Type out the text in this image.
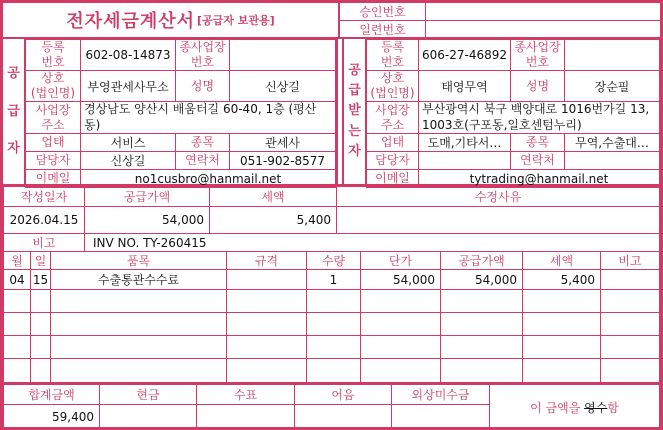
전자세금계산서 [공급자 보관용]
승인번호
일련번호
공
급
자
등록
번호	602-08-14873	종사업장
번호	
상호
(법인명)	부영관세사무소	성명	신상길
사업장
주소	경상남도 양산시 배움터길 60-40, 1층 (평산동)		
업태	서비스	종목	관세사
담당자	신상길	연락처	051-902-8577
이메일	no1cusbro@hanmail.net		
공
급
받
는
자
등록
번호	606-27-46892	종사업장
번호	
상호
(법인명)	태영무역	성명	장순필
사업장
주소	부산광역시 북구 백양대로 1016번가길 13, 1003호(구포동,일호센텀누리)		
업태	도매,기타서…	종목	무역,수출대…
담당자		연락처	
이메일	tytrading@hanmail.net		
작성일자	공급가액	세액	수정사유
2026.04.15	54,000	5,400	
비고	INV NO. TY-260415		
월	일	품목	규격	수량	단가	공급가액	세액	비고
04	15	수출통관수수료		1	54,000	54,000	5,400	

합계금액	현금	수표	어음	외상미수금	이 금액을 영수함
59,400					
